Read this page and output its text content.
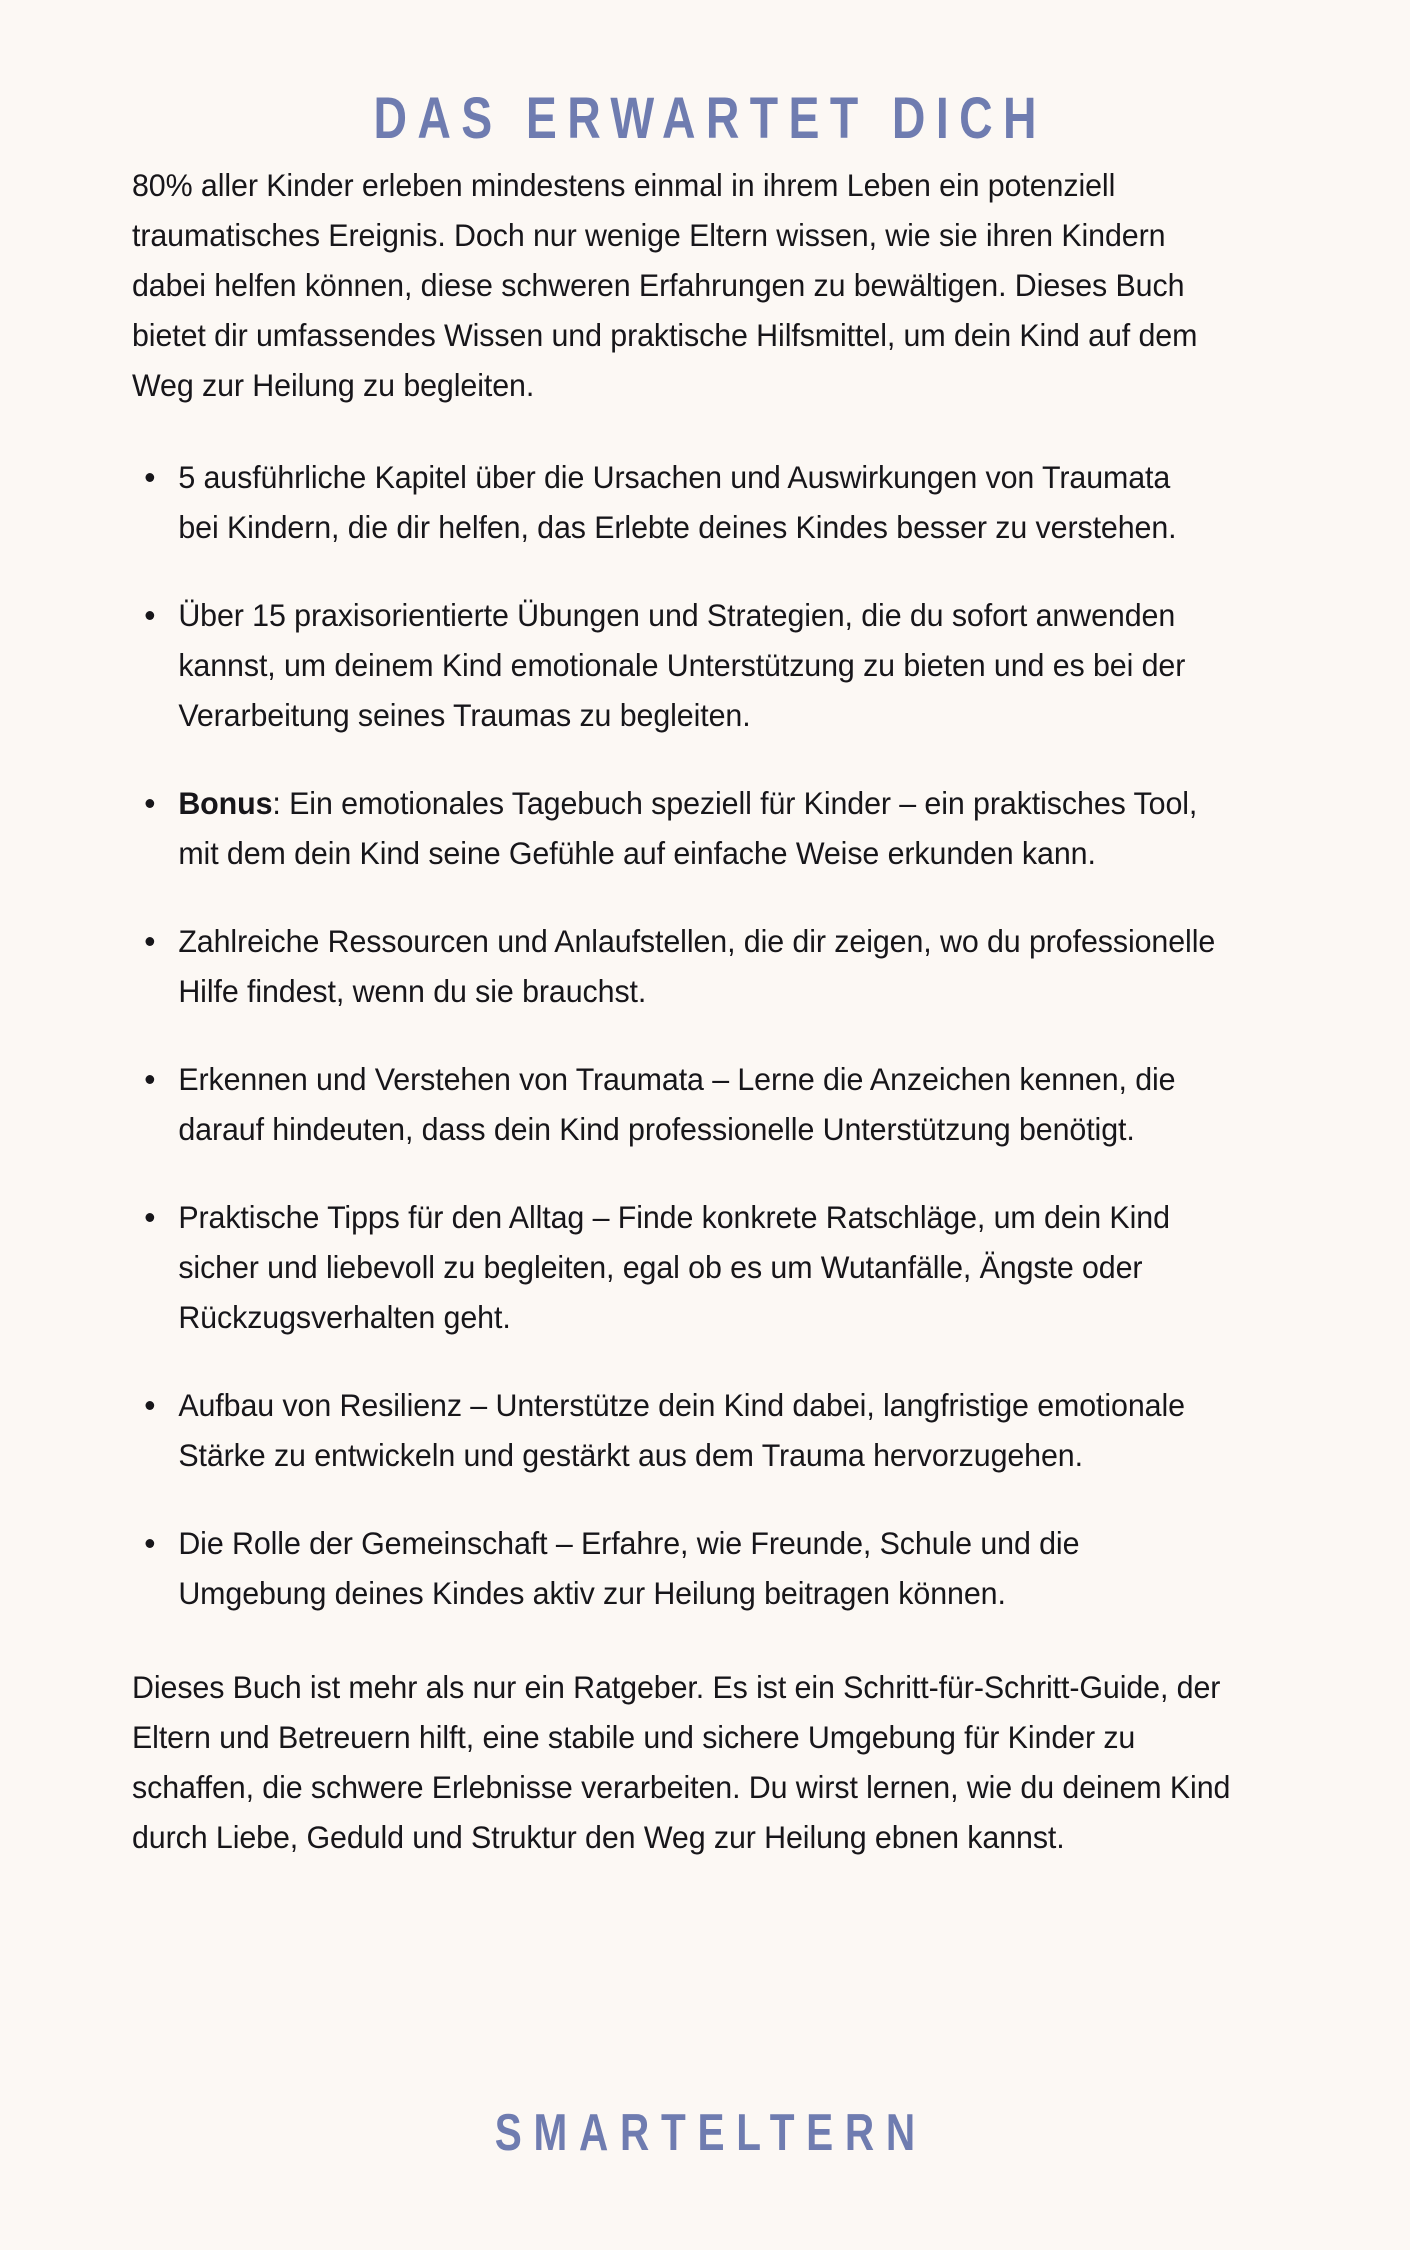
DAS ERWARTET DICH

80% aller Kinder erleben mindestens einmal in ihrem Leben ein potenziell traumatisches Ereignis. Doch nur wenige Eltern wissen, wie sie ihren Kindern dabei helfen können, diese schweren Erfahrungen zu bewältigen. Dieses Buch bietet dir umfassendes Wissen und praktische Hilfsmittel, um dein Kind auf dem Weg zur Heilung zu begleiten.

5 ausführliche Kapitel über die Ursachen und Auswirkungen von Traumata bei Kindern, die dir helfen, das Erlebte deines Kindes besser zu verstehen.
Über 15 praxisorientierte Übungen und Strategien, die du sofort anwenden kannst, um deinem Kind emotionale Unterstützung zu bieten und es bei der Verarbeitung seines Traumas zu begleiten.
Bonus: Ein emotionales Tagebuch speziell für Kinder – ein praktisches Tool, mit dem dein Kind seine Gefühle auf einfache Weise erkunden kann.
Zahlreiche Ressourcen und Anlaufstellen, die dir zeigen, wo du professionelle Hilfe findest, wenn du sie brauchst.
Erkennen und Verstehen von Traumata – Lerne die Anzeichen kennen, die darauf hindeuten, dass dein Kind professionelle Unterstützung benötigt.
Praktische Tipps für den Alltag – Finde konkrete Ratschläge, um dein Kind sicher und liebevoll zu begleiten, egal ob es um Wutanfälle, Ängste oder Rückzugsverhalten geht.
Aufbau von Resilienz – Unterstütze dein Kind dabei, langfristige emotionale Stärke zu entwickeln und gestärkt aus dem Trauma hervorzugehen.
Die Rolle der Gemeinschaft – Erfahre, wie Freunde, Schule und die Umgebung deines Kindes aktiv zur Heilung beitragen können.

Dieses Buch ist mehr als nur ein Ratgeber. Es ist ein Schritt-für-Schritt-Guide, der Eltern und Betreuern hilft, eine stabile und sichere Umgebung für Kinder zu schaffen, die schwere Erlebnisse verarbeiten. Du wirst lernen, wie du deinem Kind durch Liebe, Geduld und Struktur den Weg zur Heilung ebnen kannst.

SMARTELTERN
